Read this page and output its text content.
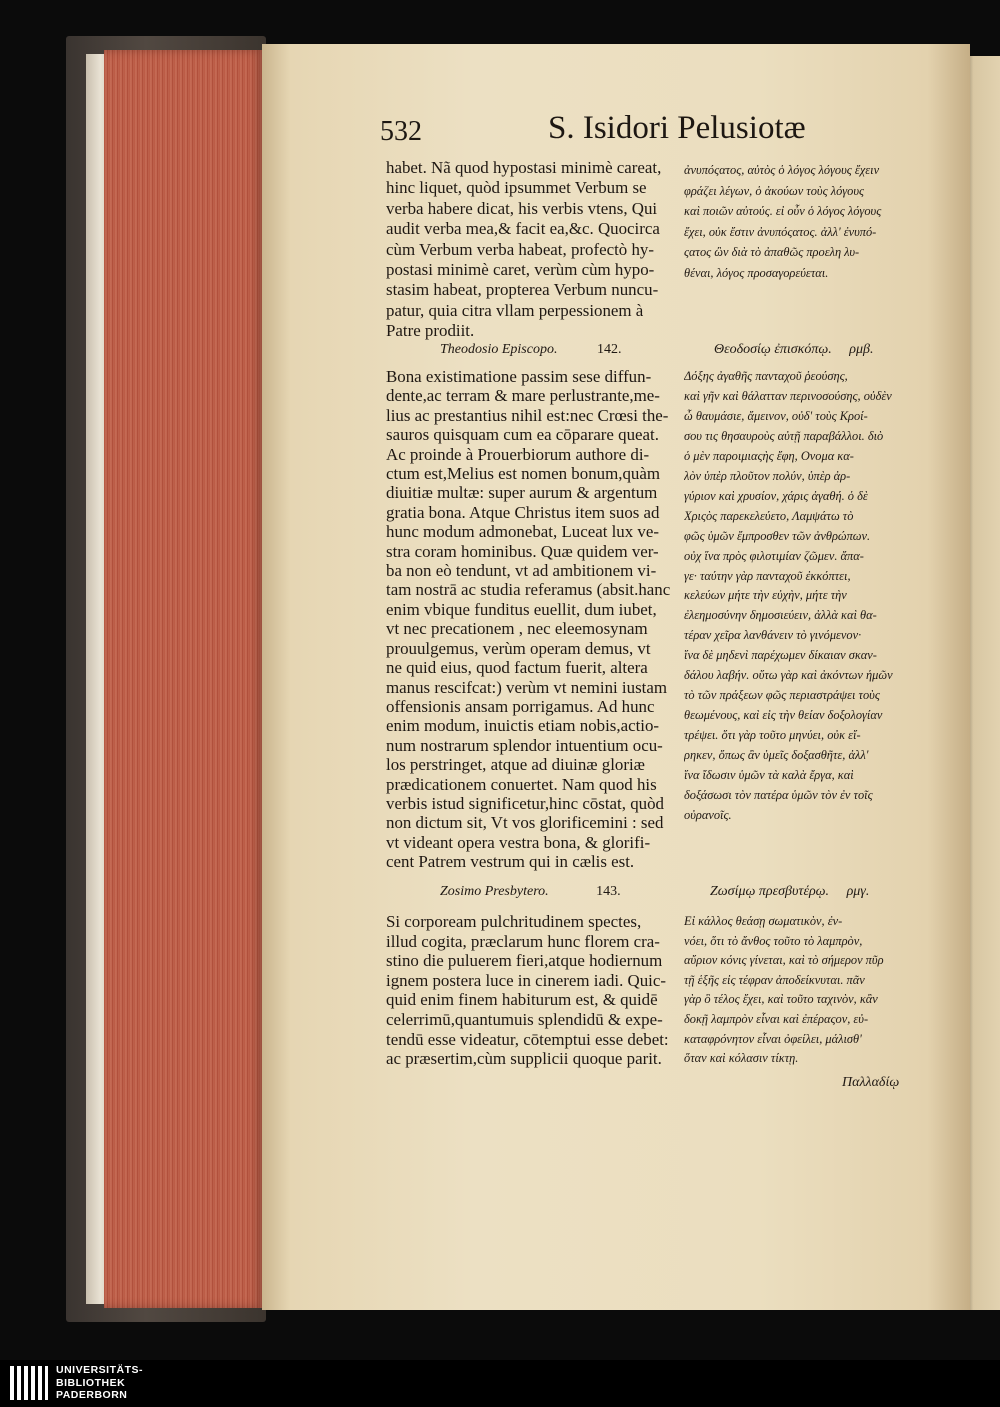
532	S. Isidori Pelusiotæ
habet. Nã quod hypostasi minimè careat,
hinc liquet, quòd ipsummet Verbum se
verba habere dicat, his verbis vtens, Qui
audit verba mea,& facit ea,&c. Quocirca
cùm Verbum verba habeat, profectò hy-
postasi minimè caret, verùm cùm hypo-
stasim habeat, propterea Verbum nuncu-
patur, quia citra vllam perpessionem à
Patre prodiit.
ἀνυπόςατος, αὐτὸς ὁ λόγος λόγους ἔχειν
φράζει λέγων, ὁ ἀκούων τοὺς λόγους
καὶ ποιῶν αὐτούς. εἰ οὖν ὁ λόγος λόγους
ἔχει, οὐκ ἔστιν ἀνυπόςατος. ἀλλ' ἐνυπό-
ςατος ὢν διὰ τὸ ἀπαθῶς προελη λυ-
θέναι, λόγος προσαγορεύεται.
Theodosio Episcopo.	142.	Θεοδοσίῳ ἐπισκόπῳ. ρμβ.
Bona existimatione passim sese diffun-
dente,ac terram & mare perlustrante,me-
lius ac prestantius nihil est:nec Crœsi the-
sauros quisquam cum ea cōparare queat.
Ac proinde à Prouerbiorum authore di-
ctum est,Melius est nomen bonum,quàm
diuitiæ multæ: super aurum & argentum
gratia bona. Atque Christus item suos ad
hunc modum admonebat, Luceat lux ve-
stra coram hominibus. Quæ quidem ver-
ba non eò tendunt, vt ad ambitionem vi-
tam nostrā ac studia referamus (absit.hanc
enim vbique funditus euellit, dum iubet,
vt nec precationem , nec eleemosynam
prouulgemus, verùm operam demus, vt
ne quid eius, quod factum fuerit, altera
manus rescifcat:) verùm vt nemini iustam
offensionis ansam porrigamus. Ad hunc
enim modum, inuictis etiam nobis,actio-
num nostrarum splendor intuentium ocu-
los perstringet, atque ad diuinæ gloriæ
prædicationem conuertet. Nam quod his
verbis istud significetur,hinc cōstat, quòd
non dictum sit, Vt vos glorificemini : sed
vt videant opera vestra bona, & glorifi-
cent Patrem vestrum qui in cælis est.
Δόξης ἀγαθῆς πανταχοῦ ῥεούσης,
καὶ γῆν καὶ θάλατταν περινοσούσης, οὐδὲν
ὦ θαυμάσιε, ἄμεινον, οὐδ' τοὺς Κροί-
σου τις θησαυροὺς αὐτῇ παραβάλλοι. διὸ
ὁ μὲν παροιμιαςὴς ἔφη, Ονομα κα-
λὸν ὑπὲρ πλοῦτον πολύν, ὑπὲρ ἀρ-
γύριον καὶ χρυσίον, χάρις ἀγαθή. ὁ δὲ
Χριςὸς παρεκελεύετο, Λαμψάτω τὸ
φῶς ὑμῶν ἔμπροσθεν τῶν ἀνθρώπων.
οὐχ ἵνα πρὸς φιλοτιμίαν ζῶμεν. ἄπα-
γε· ταύτην γὰρ πανταχοῦ ἐκκόπτει,
κελεύων μήτε τὴν εὐχὴν, μήτε τὴν
ἐλεημοσύνην δημοσιεύειν, ἀλλὰ καὶ θα-
τέραν χεῖρα λανθάνειν τὸ γινόμενον·
ἵνα δὲ μηδενὶ παρέχωμεν δίκαιαν σκαν-
δάλου λαβήν. οὕτω γὰρ καὶ ἀκόντων ἡμῶν
τὸ τῶν πράξεων φῶς περιαστράψει τοὺς
θεωμένους, καὶ εἰς τὴν θείαν δοξολογίαν
τρέψει. ὅτι γὰρ τοῦτο μηνύει, οὐκ εἴ-
ρηκεν, ὅπως ἂν ὑμεῖς δοξασθῆτε, ἀλλ'
ἵνα ἴδωσιν ὑμῶν τὰ καλὰ ἔργα, καὶ
δοξάσωσι τὸν πατέρα ὑμῶν τὸν ἐν τοῖς
οὐρανοῖς.
Zosimo Presbytero.	143.	Ζωσίμῳ πρεσβυτέρῳ. ρμγ.
Si corpoream pulchritudinem spectes,
illud cogita, præclarum hunc florem cra-
stino die puluerem fieri,atque hodiernum
ignem postera luce in cinerem iadi. Quic-
quid enim finem habiturum est, & quidē
celerrimū,quantumuis splendidū & expe-
tendū esse videatur, cōtemptui esse debet:
ac præsertim,cùm supplicii quoque parit.
Εἰ κάλλος θεάσῃ σωματικὸν, ἐν-
νόει, ὅτι τὸ ἄνθος τοῦτο τὸ λαμπρὸν,
αὔριον κόνις γίνεται, καὶ τὸ σήμερον πῦρ
τῇ ἑξῆς εἰς τέφραν ἀποδείκνυται. πᾶν
γὰρ ὃ τέλος ἔχει, καὶ τοῦτο ταχινὸν, κἂν
δοκῇ λαμπρὸν εἶναι καὶ ἐπέραςον, εὐ-
καταφρόνητον εἶναι ὀφείλει, μάλισθ'
ὅταν καὶ κόλασιν τίκτῃ.
Παλλαδίῳ
UNIVERSITÄTS-
BIBLIOTHEK
PADERBORN
